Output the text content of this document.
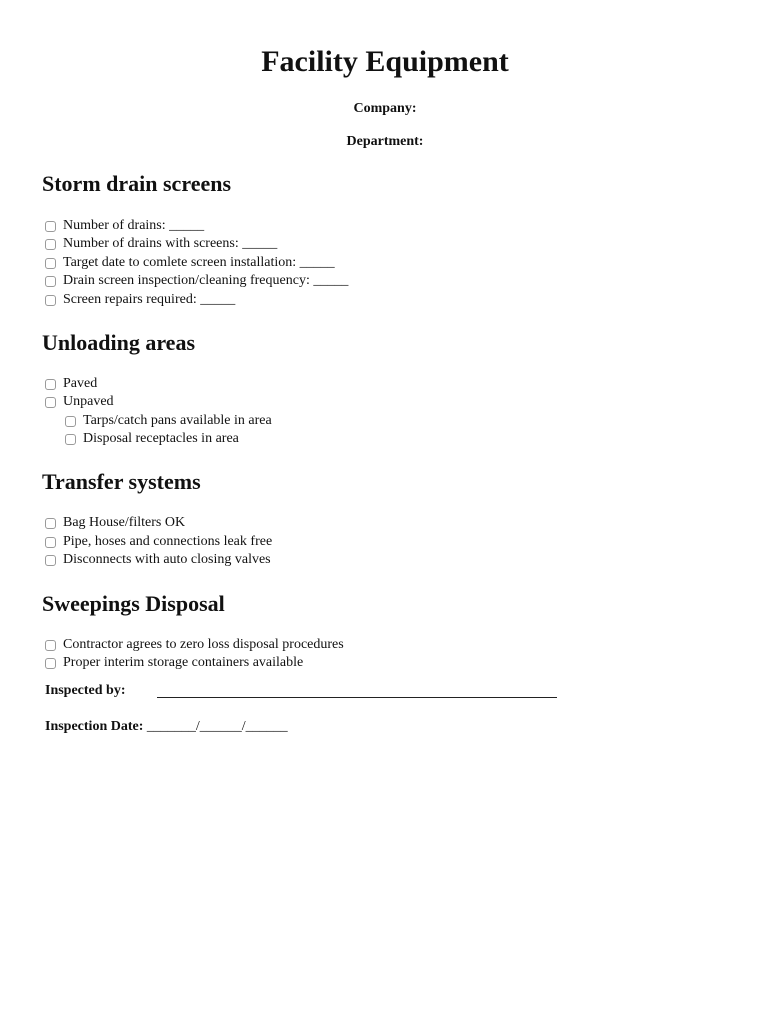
Facility Equipment
Company:
Department:
Storm drain screens
Number of drains: _____
Number of drains with screens: _____
Target date to comlete screen installation: _____
Drain screen inspection/cleaning frequency: _____
Screen repairs required: _____
Unloading areas
Paved
Unpaved
Tarps/catch pans available in area
Disposal receptacles in area
Transfer systems
Bag House/filters OK
Pipe, hoses and connections leak free
Disconnects with auto closing valves
Sweepings Disposal
Contractor agrees to zero loss disposal procedures
Proper interim storage containers available
Inspected by:
Inspection Date: _______/______/______
